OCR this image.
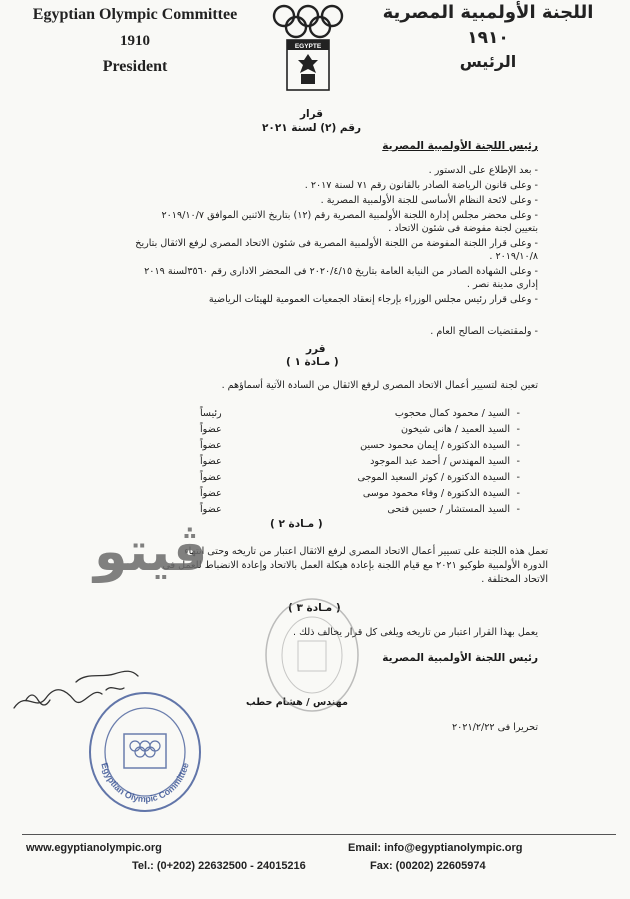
Egyptian Olympic Committee
1910
President
EGYPTE
اللجنة الأولمبية المصرية
١٩١٠
الرئيس
قرار
رقم (٢) لسنة ٢٠٢١
رئيس اللجنة الأولمبية المصرية
- بعد الإطلاع على الدستور .
- وعلى قانون الرياضة الصادر بالقانون رقم ٧١ لسنة ٢٠١٧ .
- وعلى لائحة النظام الأساسى للجنة الأولمبية المصرية .
- وعلى محضر مجلس إدارة اللجنة الأولمبية المصرية رقم (١٢) بتاريخ الاثنين الموافق ٢٠١٩/١٠/٧
بتعيين لجنة مفوضة فى شئون الاتحاد .
- وعلى قرار اللجنة المفوضة من اللجنة الأولمبية المصرية فى شئون الاتحاد المصرى لرفع الاثقال بتاريخ
٢٠١٩/١٠/٨ .
- وعلى الشهادة الصادر من النيابة العامة بتاريخ ٢٠٢٠/٤/١٥ فى المحضر الادارى رقم ٣٥٦٠لسنة ٢٠١٩
إدارى مدينة نصر .
- وعلى قرار رئيس مجلس الوزراء بإرجاء إنعقاد الجمعيات العمومية للهيئات الرياضية
- ولمقتضيات الصالح العام .
قرر
( مـادة ١ )
تعين لجنة لتسيير أعمال الاتحاد المصرى لرفع الاثقال من السادة الآتية أسماؤهم .
-
السيد / محمود كمال محجوب
رئيساً
-
السيد العميد / هانى شيخون
عضواً
-
السيدة الدكتورة / إيمان محمود حسين
عضواً
-
السيد المهندس / أحمد عبد الموجود
عضواً
-
السيدة الدكتورة / كوثر السعيد الموجى
عضواً
-
السيدة الدكتورة / وفاء محمود موسى
عضواً
-
السيد المستشار / حسين فتحى
عضواً
( مـادة ٢ )
تعمل هذه اللجنة على تسيير أعمال الاتحاد المصرى لرفع الاثقال اعتبار من تاريخه وحتى انتهاء
الدورة الأولمبية طوكيو ٢٠٢١ مع قيام اللجنة بإعادة هيكلة العمل بالاتحاد وإعادة الانضباط للعمل فى
الاتحاد المختلفة .
ڤيتو
( مـادة ٣ )
يعمل بهذا القرار اعتبار من تاريخه ويلغى كل قرار يخالف ذلك .
رئيس اللجنة الأولمبية المصرية
مهندس / هشام حطب
تحريرا فى ٢٠٢١/٢/٢٢
Egyptian Olympic Committee
www.egyptianolympic.org	Email: info@egyptianolympic.org
Tel.: (0+202) 22632500 - 24015216	Fax: (00202) 22605974
